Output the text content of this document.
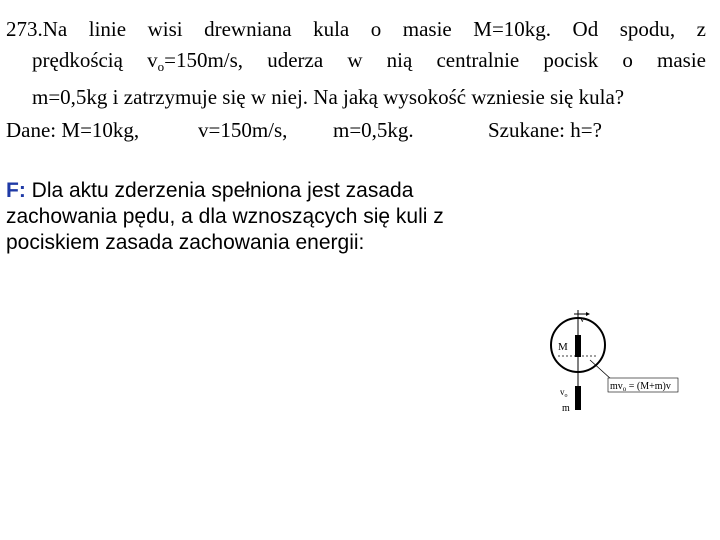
273.Na linie wisi drewniana kula o masie M=10kg. Od spodu, z
prędkością $v_o=150m/s$, uderza w nią centralnie pocisk o masie
m=0,5kg i zatrzymuje się w niej. Na jaką wysokość wzniesie się kula?
Dane: M=10kg,	v=150m/s, m=0,5kg.	Szukane: h=?
F: Dla aktu zderzenia spełniona jest zasada zachowania pędu, a dla wznoszących się kuli z pociskiem zasada zachowania energii:
v
M
$v_o$
m
$mv_o = (M+m)v$
